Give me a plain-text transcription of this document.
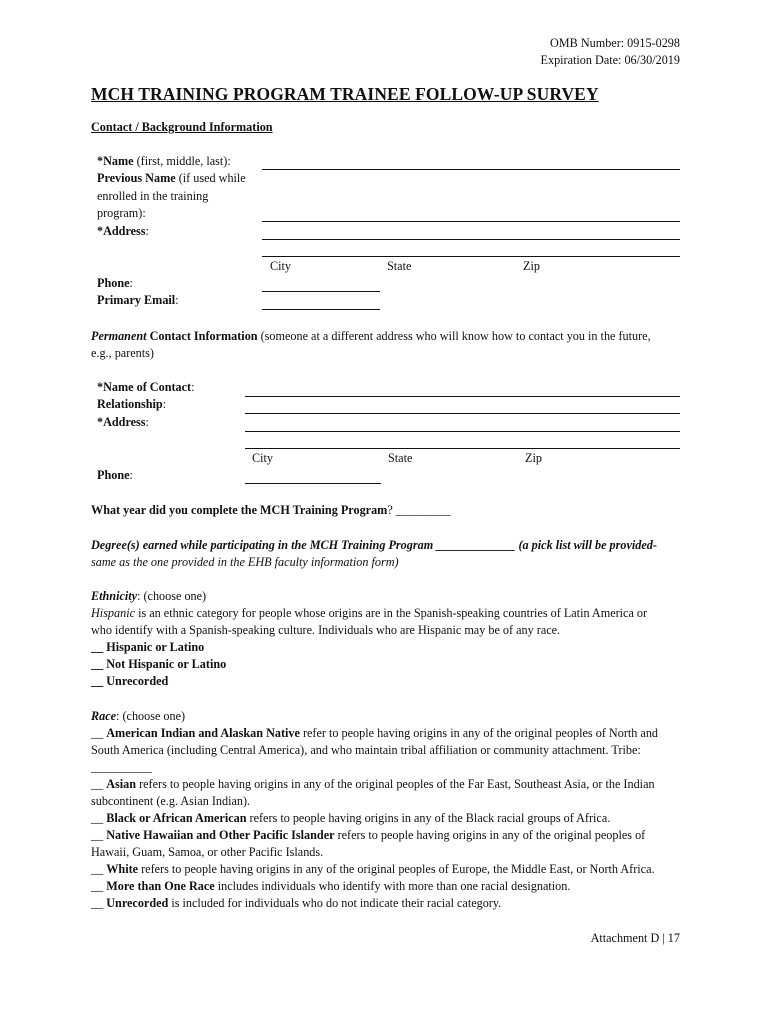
OMB Number: 0915-0298
Expiration Date: 06/30/2019
MCH TRAINING PROGRAM TRAINEE FOLLOW-UP SURVEY
Contact / Background Information
*Name (first, middle, last):
Previous Name (if used while
enrolled in the training
program):
*Address:
City	State	Zip
Phone:
Primary Email:
Permanent Contact Information (someone at a different address who will know how to contact you in the future,
e.g., parents)
*Name of Contact:
Relationship:
*Address:
City	State	Zip
Phone:
What year did you complete the MCH Training Program? _________
Degree(s) earned while participating in the MCH Training Program _____________ (a pick list will be provided-
same as the one provided in the EHB faculty information form)
Ethnicity: (choose one)
Hispanic is an ethnic category for people whose origins are in the Spanish-speaking countries of Latin America or
who identify with a Spanish-speaking culture. Individuals who are Hispanic may be of any race.
__ Hispanic or Latino
__ Not Hispanic or Latino
__ Unrecorded
Race: (choose one)
__ American Indian and Alaskan Native refer to people having origins in any of the original peoples of North and
South America (including Central America), and who maintain tribal affiliation or community attachment. Tribe:
__________
__ Asian refers to people having origins in any of the original peoples of the Far East, Southeast Asia, or the Indian
subcontinent (e.g. Asian Indian).
__ Black or African American refers to people having origins in any of the Black racial groups of Africa.
__ Native Hawaiian and Other Pacific Islander refers to people having origins in any of the original peoples of
Hawaii, Guam, Samoa, or other Pacific Islands.
__ White refers to people having origins in any of the original peoples of Europe, the Middle East, or North Africa.
__ More than One Race includes individuals who identify with more than one racial designation.
__ Unrecorded is included for individuals who do not indicate their racial category.
Attachment D | 17
